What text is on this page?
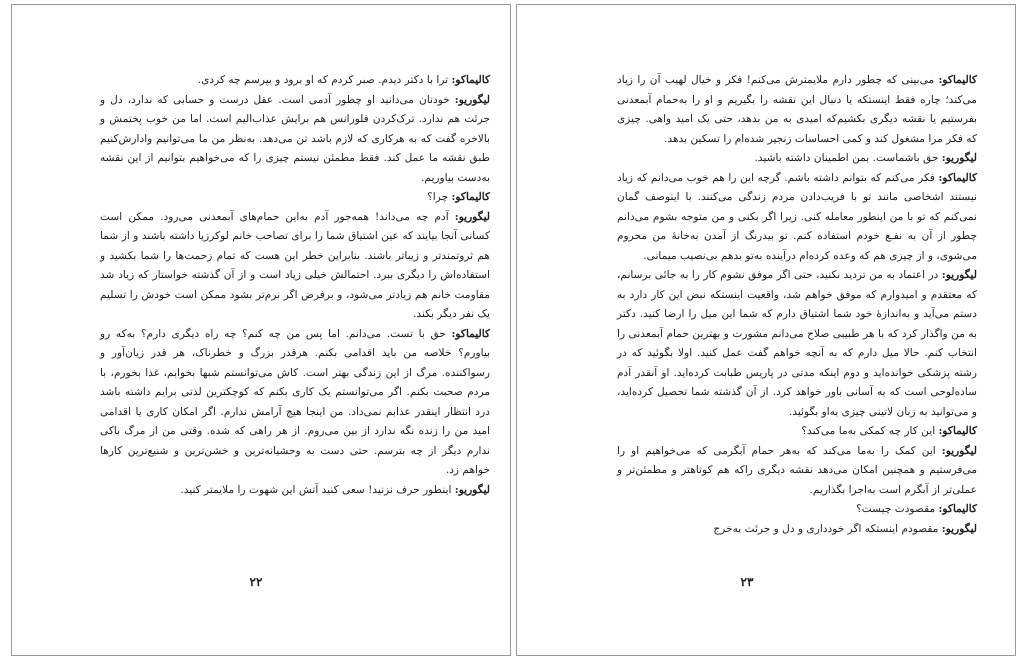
کالیماکو: ترا با دکتر دیدم. صبر کردم که او برود و بپرسم چه کردی.

لیگوریو: خودتان می‌دانید او چطور آدمی است. عقل درست و حسابی که ندارد، دل و جرئت هم ندارد. ترک‌کردن فلورانس هم برایش عذاب‌الیم است. اما من خوب پختمش و بالاخره گفت که به هرکاری که لازم باشد تن می‌دهد. به‌نظر من ما می‌توانیم وادارش‌کنیم طبق نقشه ما عمل کند. فقط مطمئن نیستم چیزی را که می‌خواهیم بتوانیم از این نقشه به‌دست بیاوریم.

کالیماکو: چرا؟

لیگوریو: آدم چه می‌داند! همه‌جور آدم به‌این حمام‌های آبمعدنی می‌رود. ممکن است کسانی آنجا بیایند که عین اشتیاق شما را برای تصاحب خانم لوکرزیا داشته باشند و از شما هم ثروتمندتر و زیباتر باشند. بنابراین خطر این هست که تمام زحمت‌ها را شما بکشید و استفاده‌اش را دیگری ببرد. احتمالش خیلی زیاد است و از آن گذشته خواستار که زیاد شد مقاومت خانم هم زیادتر می‌شود، و برفرض اگر نرم‌تر بشود ممکن است خودش را تسلیم یک نفر دیگر بکند.

کالیماکو: حق با تست. می‌دانم. اما پس من چه کنم؟ چه راه دیگری دارم؟ به‌که رو بیاورم؟ خلاصه من باید اقدامی بکنم. هرقدر بزرگ و خطرناک، هر قدر زیان‌آور و رسواکننده. مرگ از این زندگی بهتر است. کاش می‌توانستم شبها بخوابم، غذا بخورم، با مردم صحبت بکنم. اگر می‌توانستم یک کاری بکنم که کوچکترین لذتی برایم داشته باشد درد انتظار اینقدر عذابم نمی‌داد. من اینجا هیچ آرامش ندارم. اگر امکان کاری یا اقدامی امید من را زنده نگه ندارد از بین می‌روم. از هر راهی که شده. وقتی من از مرگ باکی ندارم دیگر از چه بترسم. حتی دست به وحشیانه‌ترین و خشن‌ترین و شنیع‌ترین کارها خواهم زد.

لیگوریو: اینطور حرف نزنید! سعی کنید آتش این شهوت را ملایمتر کنید.

۲۲

کالیماکو: می‌بینی که چطور دارم ملایمترش می‌کنم! فکر و خیال لهیب آن را زیاد می‌کند؛ چاره فقط اینستکه یا دنبال این نقشه را بگیریم و او را به‌حمام آبمعدنی بفرستیم یا نقشه دیگری بکشیم‌که امیدی به من بدهد، حتی یک امید واهی. چیزی که فکر مرا مشغول کند و کمی احساسات زنجیر شده‌ام را تسکین بدهد.

لیگوریو: حق باشماست. بمن اطمینان داشته باشید.

کالیماکو: فکر می‌کنم که بتوانم داشته باشم. گرچه این را هم خوب می‌دانم که زیاد نیستند اشخاصی مانند تو با فریب‌دادن مردم زندگی می‌کنند. با اینوصف گمان نمی‌کنم که تو با من اینطور معامله کنی. زیرا اگر بکنی و من متوجه بشوم می‌دانم چطور از آن به نفـع خودم استفاده کنم. تو بیدرنگ از آمدن به‌خانهٔ من محروم می‌شوی، و از چیزی هم که وعده کرده‌ام درآینده به‌تو بدهم بی‌نصیب میمانی.

لیگوریو: در اعتماد به من تردید نکنید، حتی اگر موفق نشوم کار را به جائی برسانم، که معتقدم و امیدوارم که موفق خواهم شد، واقعیت اینستکه نبض این کار دارد به دستم می‌آید و به‌اندازهٔ خود شما اشتیاق دارم که شما این میل را ارضا کنید. دکتر به من واگذار کرد که با هر طبیبی صلاح می‌دانم مشورت و بهترین حمام آبمعدنی را انتخاب کنم. حالا میل دارم که به آنچه خواهم گفت عمل کنید. اولا بگوئید که در رشته پزشکی خوانده‌اید و دوم اینکه مدتی در پاریس طبابت کرده‌اید. او آنقدر آدم ساده‌لوحی است که به آسانی باور خواهد کرد. از آن گذشته شما تحصیل کرده‌اید، و می‌توانید به زبان لاتینی چیزی به‌او بگوئید.

کالیماکو: این کار چه کمکی به‌ما می‌کند؟

لیگوریو: این کمک را به‌ما می‌کند که به‌هر حمام آبگرمی که می‌خواهیم او را می‌فرستیم و همچنین امکان می‌دهد نقشه دیگری راکه هم کوتاهتر و مطمئن‌تر و عملی‌تر از آبگرم است به‌اجرا بگذاریم.

کالیماکو: مقصودت چیست؟

لیگوریو: مقصودم اینستکه اگر خودداری و دل و جرئت به‌خرج

۲۳
